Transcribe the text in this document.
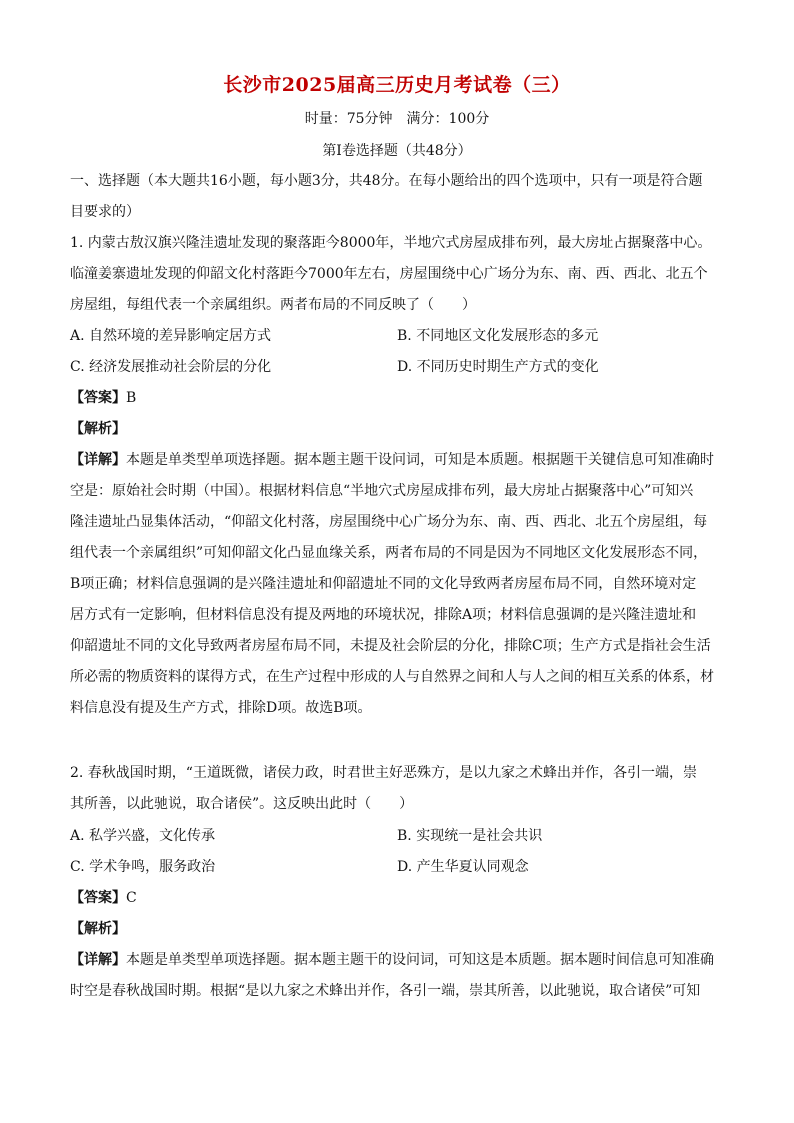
长沙市2025届高三历史月考试卷（三）
时量：75分钟　满分：100分
第Ⅰ卷选择题（共48分）

一、选择题（本大题共16小题，每小题3分，共48分。在每小题给出的四个选项中，只有一项是符合题

目要求的）

1. 内蒙古敖汉旗兴隆洼遗址发现的聚落距今8000年，半地穴式房屋成排布列，最大房址占据聚落中心。

临潼姜寨遗址发现的仰韶文化村落距今7000年左右，房屋围绕中心广场分为东、南、西、西北、北五个

房屋组，每组代表一个亲属组织。两者布局的不同反映了（　　）

A. 自然环境的差异影响定居方式	B. 不同地区文化发展形态的多元
C. 经济发展推动社会阶层的分化	D. 不同历史时期生产方式的变化

【答案】B

【解析】

【详解】本题是单类型单项选择题。据本题主题干设问词，可知是本质题。根据题干关键信息可知准确时

空是：原始社会时期（中国）。根据材料信息“半地穴式房屋成排布列，最大房址占据聚落中心”可知兴

隆洼遗址凸显集体活动，“仰韶文化村落，房屋围绕中心广场分为东、南、西、西北、北五个房屋组，每

组代表一个亲属组织”可知仰韶文化凸显血缘关系，两者布局的不同是因为不同地区文化发展形态不同，

B项正确；材料信息强调的是兴隆洼遗址和仰韶遗址不同的文化导致两者房屋布局不同，自然环境对定

居方式有一定影响，但材料信息没有提及两地的环境状况，排除A项；材料信息强调的是兴隆洼遗址和

仰韶遗址不同的文化导致两者房屋布局不同，未提及社会阶层的分化，排除C项；生产方式是指社会生活

所必需的物质资料的谋得方式，在生产过程中形成的人与自然界之间和人与人之间的相互关系的体系，材

料信息没有提及生产方式，排除D项。故选B项。

2. 春秋战国时期，“王道既微，诸侯力政，时君世主好恶殊方，是以九家之术蜂出并作，各引一端，崇

其所善，以此驰说，取合诸侯”。这反映出此时（　　）

A. 私学兴盛，文化传承	B. 实现统一是社会共识
C. 学术争鸣，服务政治	D. 产生华夏认同观念

【答案】C

【解析】

【详解】本题是单类型单项选择题。据本题主题干的设问词，可知这是本质题。据本题时间信息可知准确

时空是春秋战国时期。根据“是以九家之术蜂出并作，各引一端，崇其所善，以此驰说，取合诸侯”可知
